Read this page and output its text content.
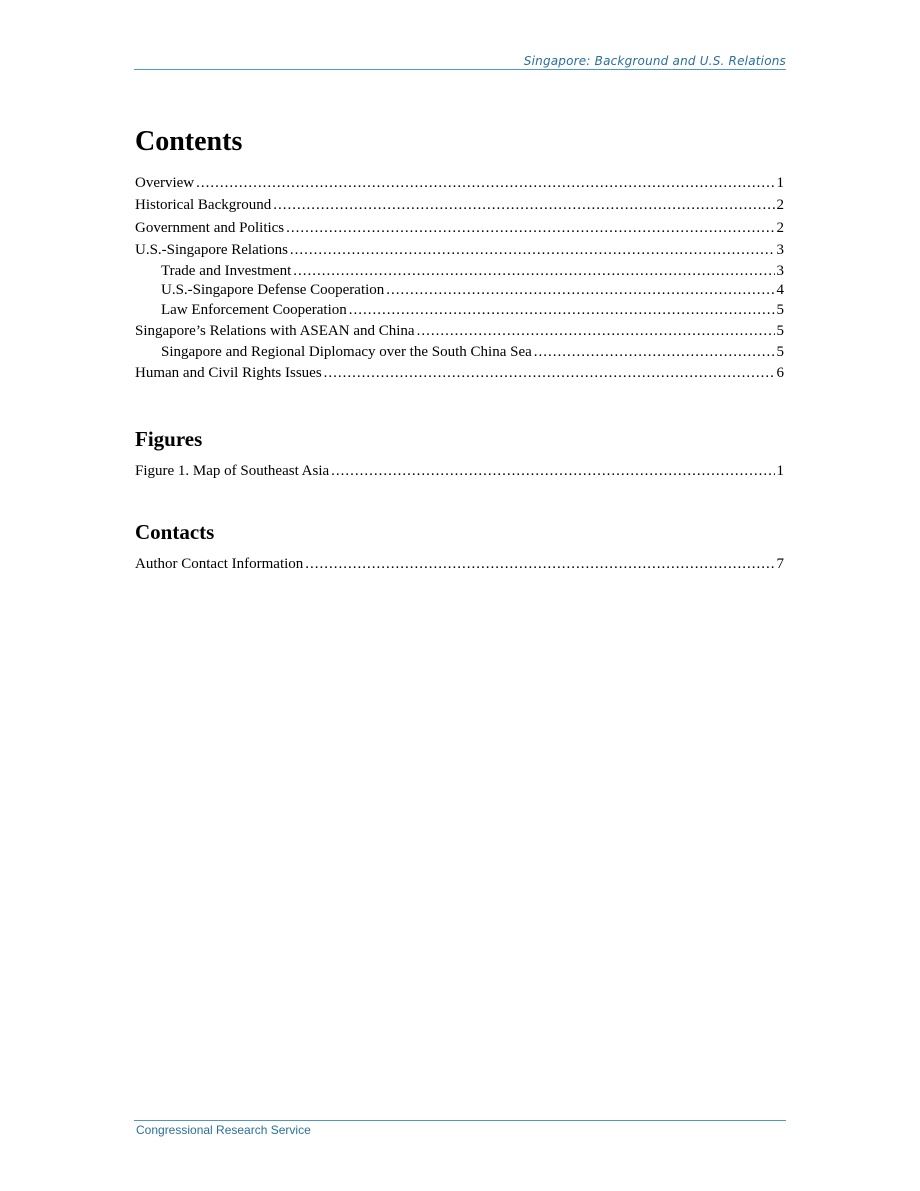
Singapore: Background and U.S. Relations
Contents
Overview .....	1
Historical Background .....	2
Government and Politics .....	2
U.S.-Singapore Relations .....	3
Trade and Investment .....	3
U.S.-Singapore Defense Cooperation .....	4
Law Enforcement Cooperation .....	5
Singapore’s Relations with ASEAN and China .....	5
Singapore and Regional Diplomacy over the South China Sea .....	5
Human and Civil Rights Issues .....	6
Figures
Figure 1. Map of Southeast Asia .....	1
Contacts
Author Contact Information .....	7
Congressional Research Service
